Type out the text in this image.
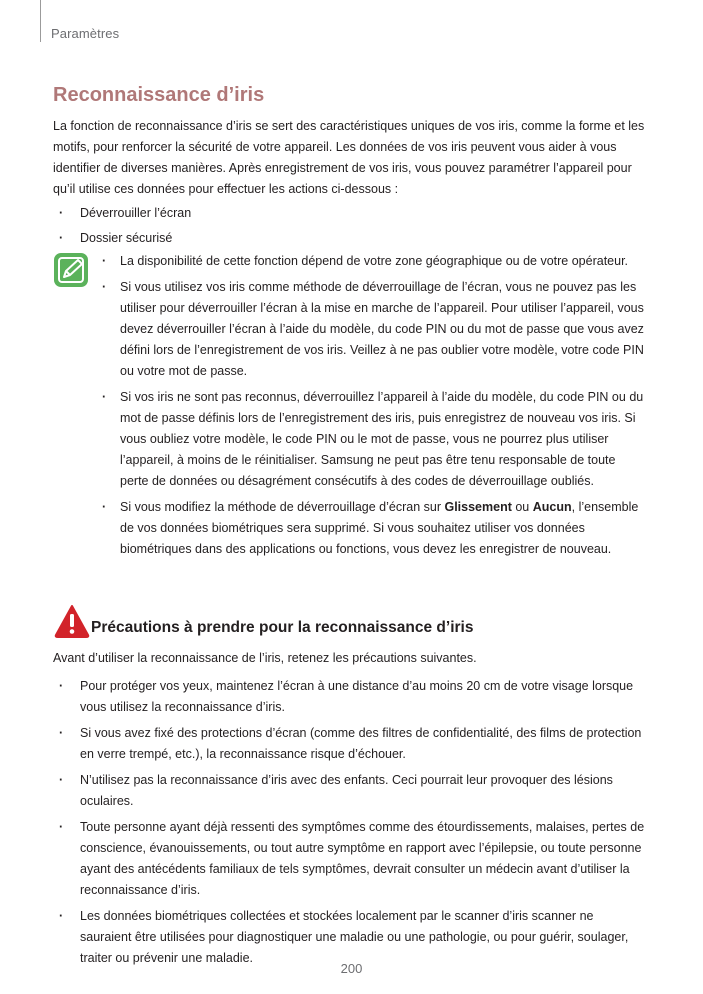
Paramètres
Reconnaissance d’iris

La fonction de reconnaissance d’iris se sert des caractéristiques uniques de vos iris, comme la forme et les motifs, pour renforcer la sécurité de votre appareil. Les données de vos iris peuvent vous aider à vous identifier de diverses manières. Après enregistrement de vos iris, vous pouvez paramétrer l’appareil pour qu’il utilise ces données pour effectuer les actions ci-dessous :

· Déverrouiller l’écran
· Dossier sécurisé
· La disponibilité de cette fonction dépend de votre zone géographique ou de votre opérateur.
· Si vous utilisez vos iris comme méthode de déverrouillage de l’écran, vous ne pouvez pas les utiliser pour déverrouiller l’écran à la mise en marche de l’appareil. Pour utiliser l’appareil, vous devez déverrouiller l’écran à l’aide du modèle, du code PIN ou du mot de passe que vous avez défini lors de l’enregistrement de vos iris. Veillez à ne pas oublier votre modèle, votre code PIN ou votre mot de passe.
· Si vos iris ne sont pas reconnus, déverrouillez l’appareil à l’aide du modèle, du code PIN ou du mot de passe définis lors de l’enregistrement des iris, puis enregistrez de nouveau vos iris. Si vous oubliez votre modèle, le code PIN ou le mot de passe, vous ne pourrez plus utiliser l’appareil, à moins de le réinitialiser. Samsung ne peut pas être tenu responsable de toute perte de données ou désagrément consécutifs à des codes de déverrouillage oubliés.
· Si vous modifiez la méthode de déverrouillage d’écran sur Glissement ou Aucun, l’ensemble de vos données biométriques sera supprimé. Si vous souhaitez utiliser vos données biométriques dans des applications ou fonctions, vous devez les enregistrer de nouveau.
Précautions à prendre pour la reconnaissance d’iris

Avant d’utiliser la reconnaissance de l’iris, retenez les précautions suivantes.

· Pour protéger vos yeux, maintenez l’écran à une distance d’au moins 20 cm de votre visage lorsque vous utilisez la reconnaissance d’iris.
· Si vous avez fixé des protections d’écran (comme des filtres de confidentialité, des films de protection en verre trempé, etc.), la reconnaissance risque d’échouer.
· N’utilisez pas la reconnaissance d’iris avec des enfants. Ceci pourrait leur provoquer des lésions oculaires.
· Toute personne ayant déjà ressenti des symptômes comme des étourdissements, malaises, pertes de conscience, évanouissements, ou tout autre symptôme en rapport avec l’épilepsie, ou toute personne ayant des antécédents familiaux de tels symptômes, devrait consulter un médecin avant d’utiliser la reconnaissance d’iris.
· Les données biométriques collectées et stockées localement par le scanner d’iris scanner ne sauraient être utilisées pour diagnostiquer une maladie ou une pathologie, ou pour guérir, soulager, traiter ou prévenir une maladie.
200
